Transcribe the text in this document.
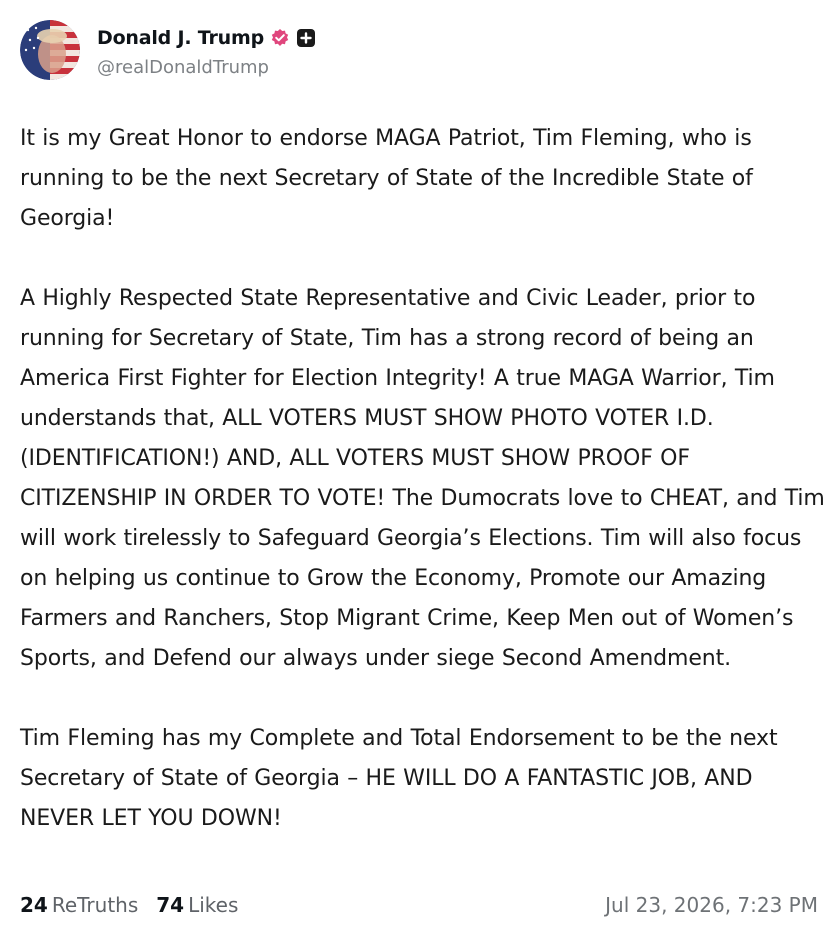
Donald J. Trump
@realDonaldTrump

It is my Great Honor to endorse MAGA Patriot, Tim Fleming, who is running to be the next Secretary of State of the Incredible State of Georgia!

A Highly Respected State Representative and Civic Leader, prior to running for Secretary of State, Tim has a strong record of being an America First Fighter for Election Integrity! A true MAGA Warrior, Tim understands that, ALL VOTERS MUST SHOW PHOTO VOTER I.D. (IDENTIFICATION!) AND, ALL VOTERS MUST SHOW PROOF OF CITIZENSHIP IN ORDER TO VOTE! The Dumocrats love to CHEAT, and Tim will work tirelessly to Safeguard Georgia’s Elections. Tim will also focus on helping us continue to Grow the Economy, Promote our Amazing Farmers and Ranchers, Stop Migrant Crime, Keep Men out of Women’s Sports, and Defend our always under siege Second Amendment.

Tim Fleming has my Complete and Total Endorsement to be the next Secretary of State of Georgia – HE WILL DO A FANTASTIC JOB, AND NEVER LET YOU DOWN!

24 ReTruths 74 Likes	Jul 23, 2026, 7:23 PM
